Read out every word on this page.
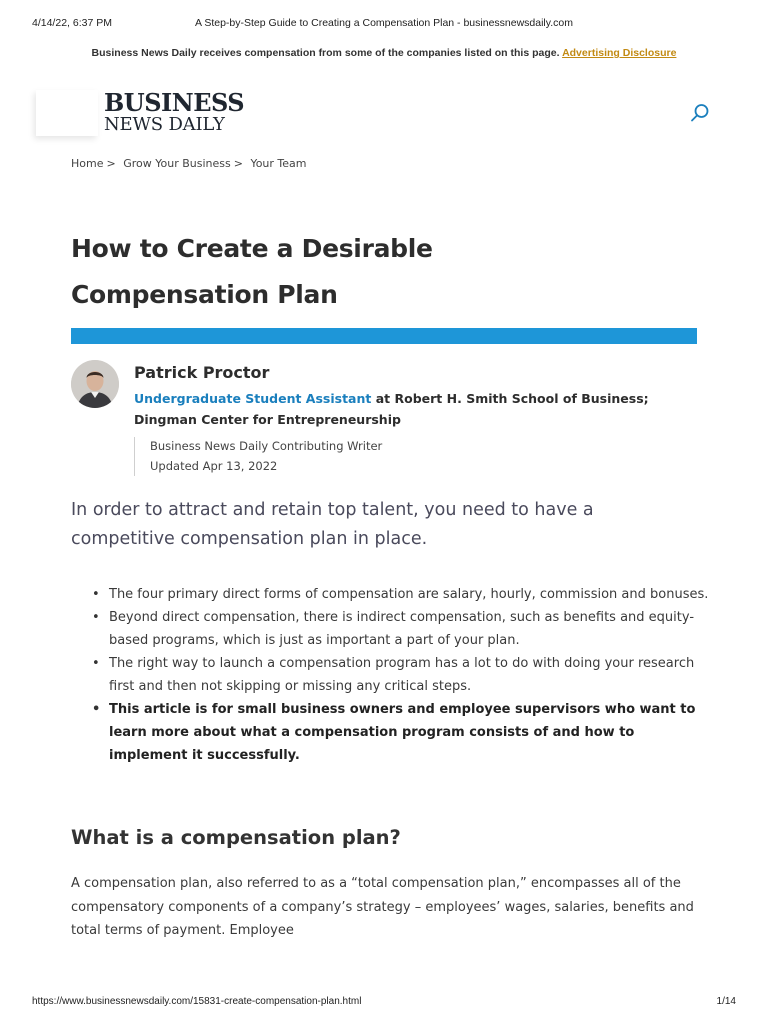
4/14/22, 6:37 PM	A Step-by-Step Guide to Creating a Compensation Plan - businessnewsdaily.com
Business News Daily receives compensation from some of the companies listed on this page. Advertising Disclosure
BUSINESS
NEWS DAILY
Home > Grow Your Business > Your Team
How to Create a Desirable
Compensation Plan
Patrick Proctor
Undergraduate Student Assistant at Robert H. Smith School of Business; Dingman Center for Entrepreneurship
Business News Daily Contributing Writer
Updated Apr 13, 2022

In order to attract and retain top talent, you need to have a competitive compensation plan in place.

• The four primary direct forms of compensation are salary, hourly, commission and bonuses.
• Beyond direct compensation, there is indirect compensation, such as benefits and equity-based programs, which is just as important a part of your plan.
• The right way to launch a compensation program has a lot to do with doing your research first and then not skipping or missing any critical steps.
• This article is for small business owners and employee supervisors who want to learn more about what a compensation program consists of and how to implement it successfully.
What is a compensation plan?

A compensation plan, also referred to as a “total compensation plan,” encompasses all of the compensatory components of a company’s strategy – employees’ wages, salaries, benefits and total terms of payment. Employee

https://www.businessnewsdaily.com/15831-create-compensation-plan.html	1/14
